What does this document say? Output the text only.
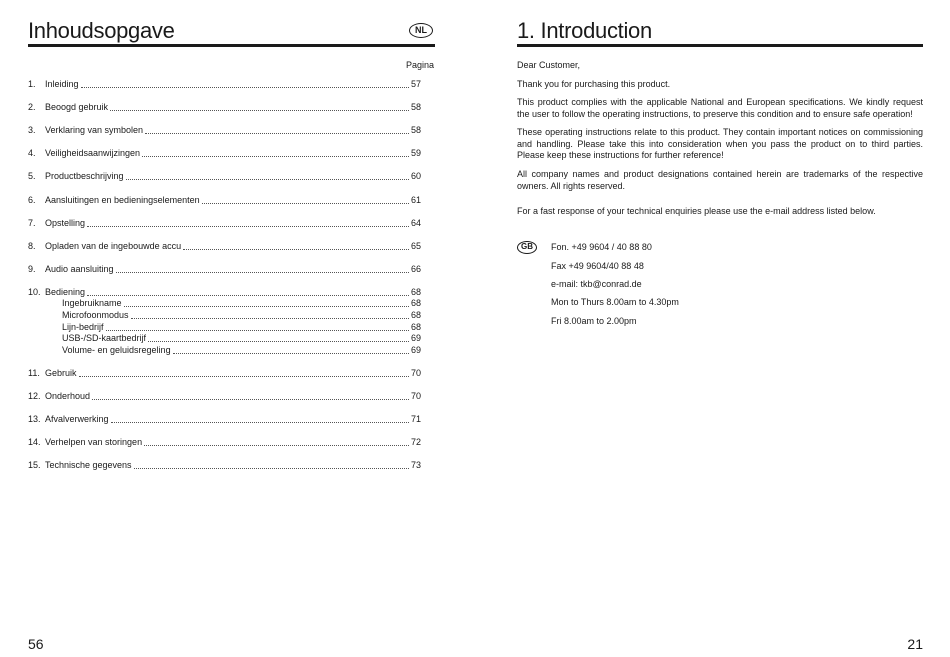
Inhoudsopgave	NL
Pagina
1.	Inleiding	57
2.	Beoogd gebruik	58
3.	Verklaring van symbolen	58
4.	Veiligheidsaanwijzingen	59
5.	Productbeschrijving	60
6.	Aansluitingen en bedieningselementen	61
7.	Opstelling	64
8.	Opladen van de ingebouwde accu	65
9.	Audio aansluiting	66
10. Bediening	68
Ingebruikname	68
Microfoonmodus	68
Lijn-bedrijf	68
USB-/SD-kaartbedrijf	69
Volume- en geluidsregeling	69
11. Gebruik	70
12. Onderhoud	70
13. Afvalverwerking	71
14. Verhelpen van storingen	72
15. Technische gegevens	73
56
1. Introduction

Dear Customer,

Thank you for purchasing this product.

This product complies with the applicable National and European specifications. We kindly request the user to follow the operating instructions, to preserve this condition and to ensure safe operation!

These operating instructions relate to this product. They contain important notices on commissioning and handling. Please take this into consideration when you pass the product on to third parties. Please keep these instructions for further reference!

All company names and product designations contained herein are trademarks of the respective owners. All rights reserved.

For a fast response of your technical enquiries please use the e-mail address listed below.

GB	Fon. +49 9604 / 40 88 80
Fax +49 9604/40 88 48
e-mail: tkb@conrad.de
Mon to Thurs 8.00am to 4.30pm
Fri 8.00am to 2.00pm
21
